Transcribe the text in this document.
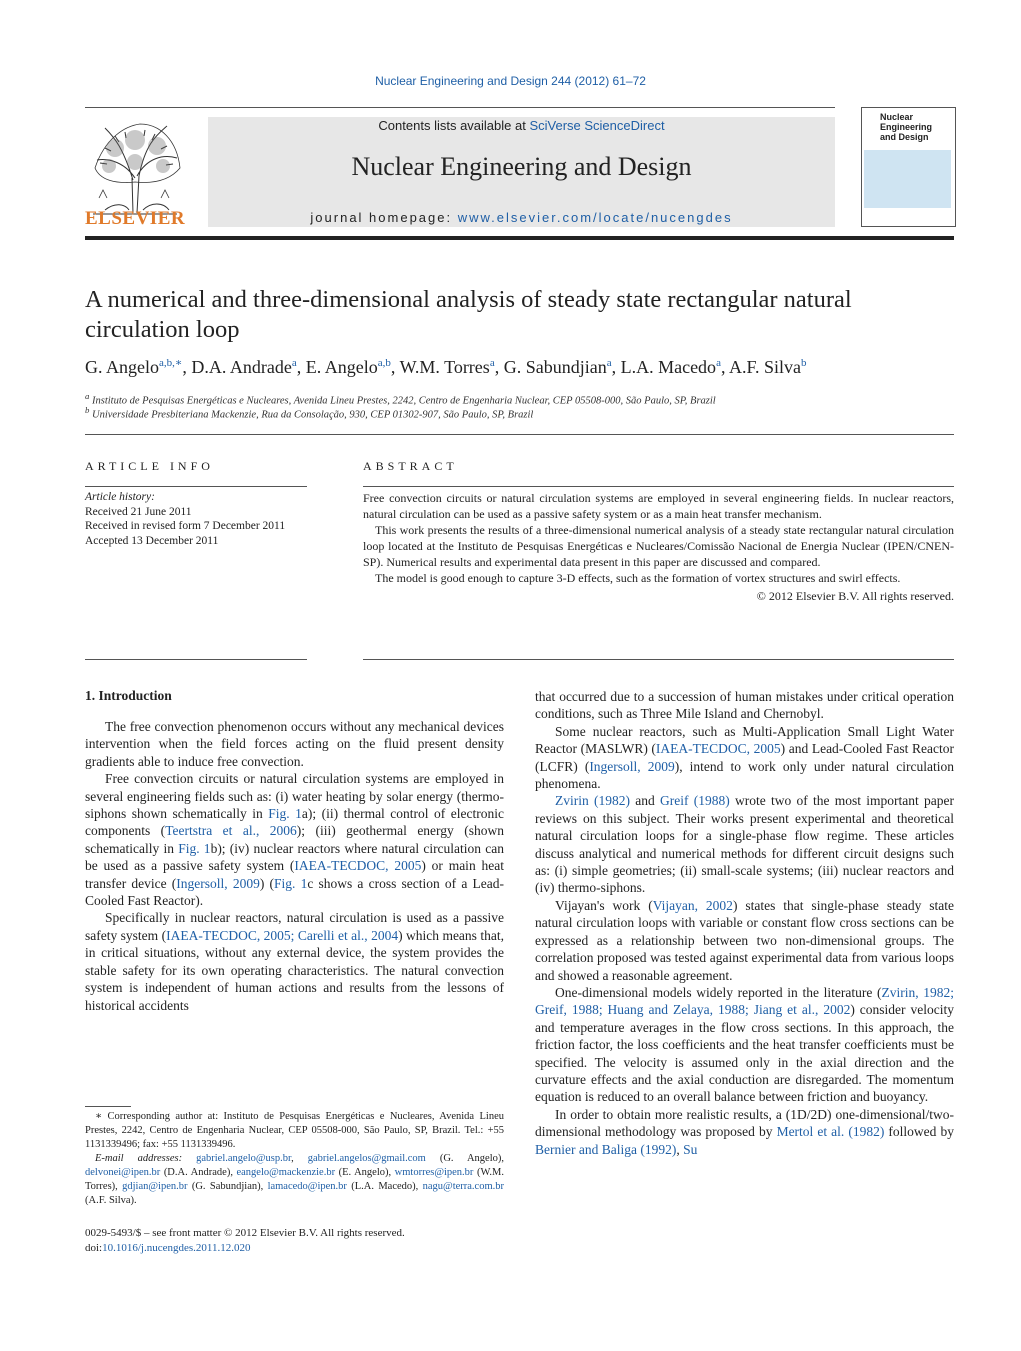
Nuclear Engineering and Design 244 (2012) 61–72
ELSEVIER
Contents lists available at SciVerse ScienceDirect
Nuclear Engineering and Design
journal homepage: www.elsevier.com/locate/nucengdes
Nuclear Engineering and Design
A numerical and three-dimensional analysis of steady state rectangular natural circulation loop
G. Angelo$^{a,b,∗}$, D.A. Andrade$^a$, E. Angelo$^{a,b}$, W.M. Torres$^a$, G. Sabundjian$^a$, L.A. Macedo$^a$, A.F. Silva$^b$
$^a$ Instituto de Pesquisas Energéticas e Nucleares, Avenida Lineu Prestes, 2242, Centro de Engenharia Nuclear, CEP 05508-000, São Paulo, SP, Brazil
$^b$ Universidade Presbiteriana Mackenzie, Rua da Consolação, 930, CEP 01302-907, São Paulo, SP, Brazil
ARTICLE INFO	ABSTRACT
Article history:
Received 21 June 2011
Received in revised form 7 December 2011
Accepted 13 December 2011

Free convection circuits or natural circulation systems are employed in several engineering fields. In nuclear reactors, natural circulation can be used as a passive safety system or as a main heat transfer mechanism.

This work presents the results of a three-dimensional numerical analysis of a steady state rectangular natural circulation loop located at the Instituto de Pesquisas Energéticas e Nucleares/Comissão Nacional de Energia Nuclear (IPEN/CNEN-SP). Numerical results and experimental data present in this paper are discussed and compared.

The model is good enough to capture 3-D effects, such as the formation of vortex structures and swirl effects.

© 2012 Elsevier B.V. All rights reserved.

1. Introduction

The free convection phenomenon occurs without any mechanical devices intervention when the field forces acting on the fluid present density gradients able to induce free convection.

Free convection circuits or natural circulation systems are employed in several engineering fields such as: (i) water heating by solar energy (thermo-siphons shown schematically in Fig. 1a); (ii) thermal control of electronic components (Teertstra et al., 2006); (iii) geothermal energy (shown schematically in Fig. 1b); (iv) nuclear reactors where natural circulation can be used as a passive safety system (IAEA-TECDOC, 2005) or main heat transfer device (Ingersoll, 2009) (Fig. 1c shows a cross section of a Lead-Cooled Fast Reactor).

Specifically in nuclear reactors, natural circulation is used as a passive safety system (IAEA-TECDOC, 2005; Carelli et al., 2004) which means that, in critical situations, without any external device, the system provides the stable safety for its own operating characteristics. The natural convection system is independent of human actions and results from the lessons of historical accidents

that occurred due to a succession of human mistakes under critical operation conditions, such as Three Mile Island and Chernobyl.

Some nuclear reactors, such as Multi-Application Small Light Water Reactor (MASLWR) (IAEA-TECDOC, 2005) and Lead-Cooled Fast Reactor (LCFR) (Ingersoll, 2009), intend to work only under natural circulation phenomena.

Zvirin (1982) and Greif (1988) wrote two of the most important paper reviews on this subject. Their works present experimental and theoretical natural circulation loops for a single-phase flow regime. These articles discuss analytical and numerical methods for different circuit designs such as: (i) simple geometries; (ii) small-scale systems; (iii) nuclear reactors and (iv) thermo-siphons.

Vijayan's work (Vijayan, 2002) states that single-phase steady state natural circulation loops with variable or constant flow cross sections can be expressed as a relationship between two non-dimensional groups. The correlation proposed was tested against experimental data from various loops and showed a reasonable agreement.

One-dimensional models widely reported in the literature (Zvirin, 1982; Greif, 1988; Huang and Zelaya, 1988; Jiang et al., 2002) consider velocity and temperature averages in the flow cross sections. In this approach, the friction factor, the loss coefficients and the heat transfer coefficients must be specified. The velocity is assumed only in the axial direction and the curvature effects and the axial conduction are disregarded. The momentum equation is reduced to an overall balance between friction and buoyancy.

In order to obtain more realistic results, a (1D/2D) one-dimensional/two-dimensional methodology was proposed by Mertol et al. (1982) followed by Bernier and Baliga (1992), Su

∗ Corresponding author at: Instituto de Pesquisas Energéticas e Nucleares, Avenida Lineu Prestes, 2242, Centro de Engenharia Nuclear, CEP 05508-000, São Paulo, SP, Brazil. Tel.: +55 1131339496; fax: +55 1131339496.

E-mail addresses: gabriel.angelo@usp.br, gabriel.angelos@gmail.com (G. Angelo), delvonei@ipen.br (D.A. Andrade), eangelo@mackenzie.br (E. Angelo), wmtorres@ipen.br (W.M. Torres), gdjian@ipen.br (G. Sabundjian), lamacedo@ipen.br (L.A. Macedo), nagu@terra.com.br (A.F. Silva).

0029-5493/$ – see front matter © 2012 Elsevier B.V. All rights reserved.
doi:10.1016/j.nucengdes.2011.12.020
